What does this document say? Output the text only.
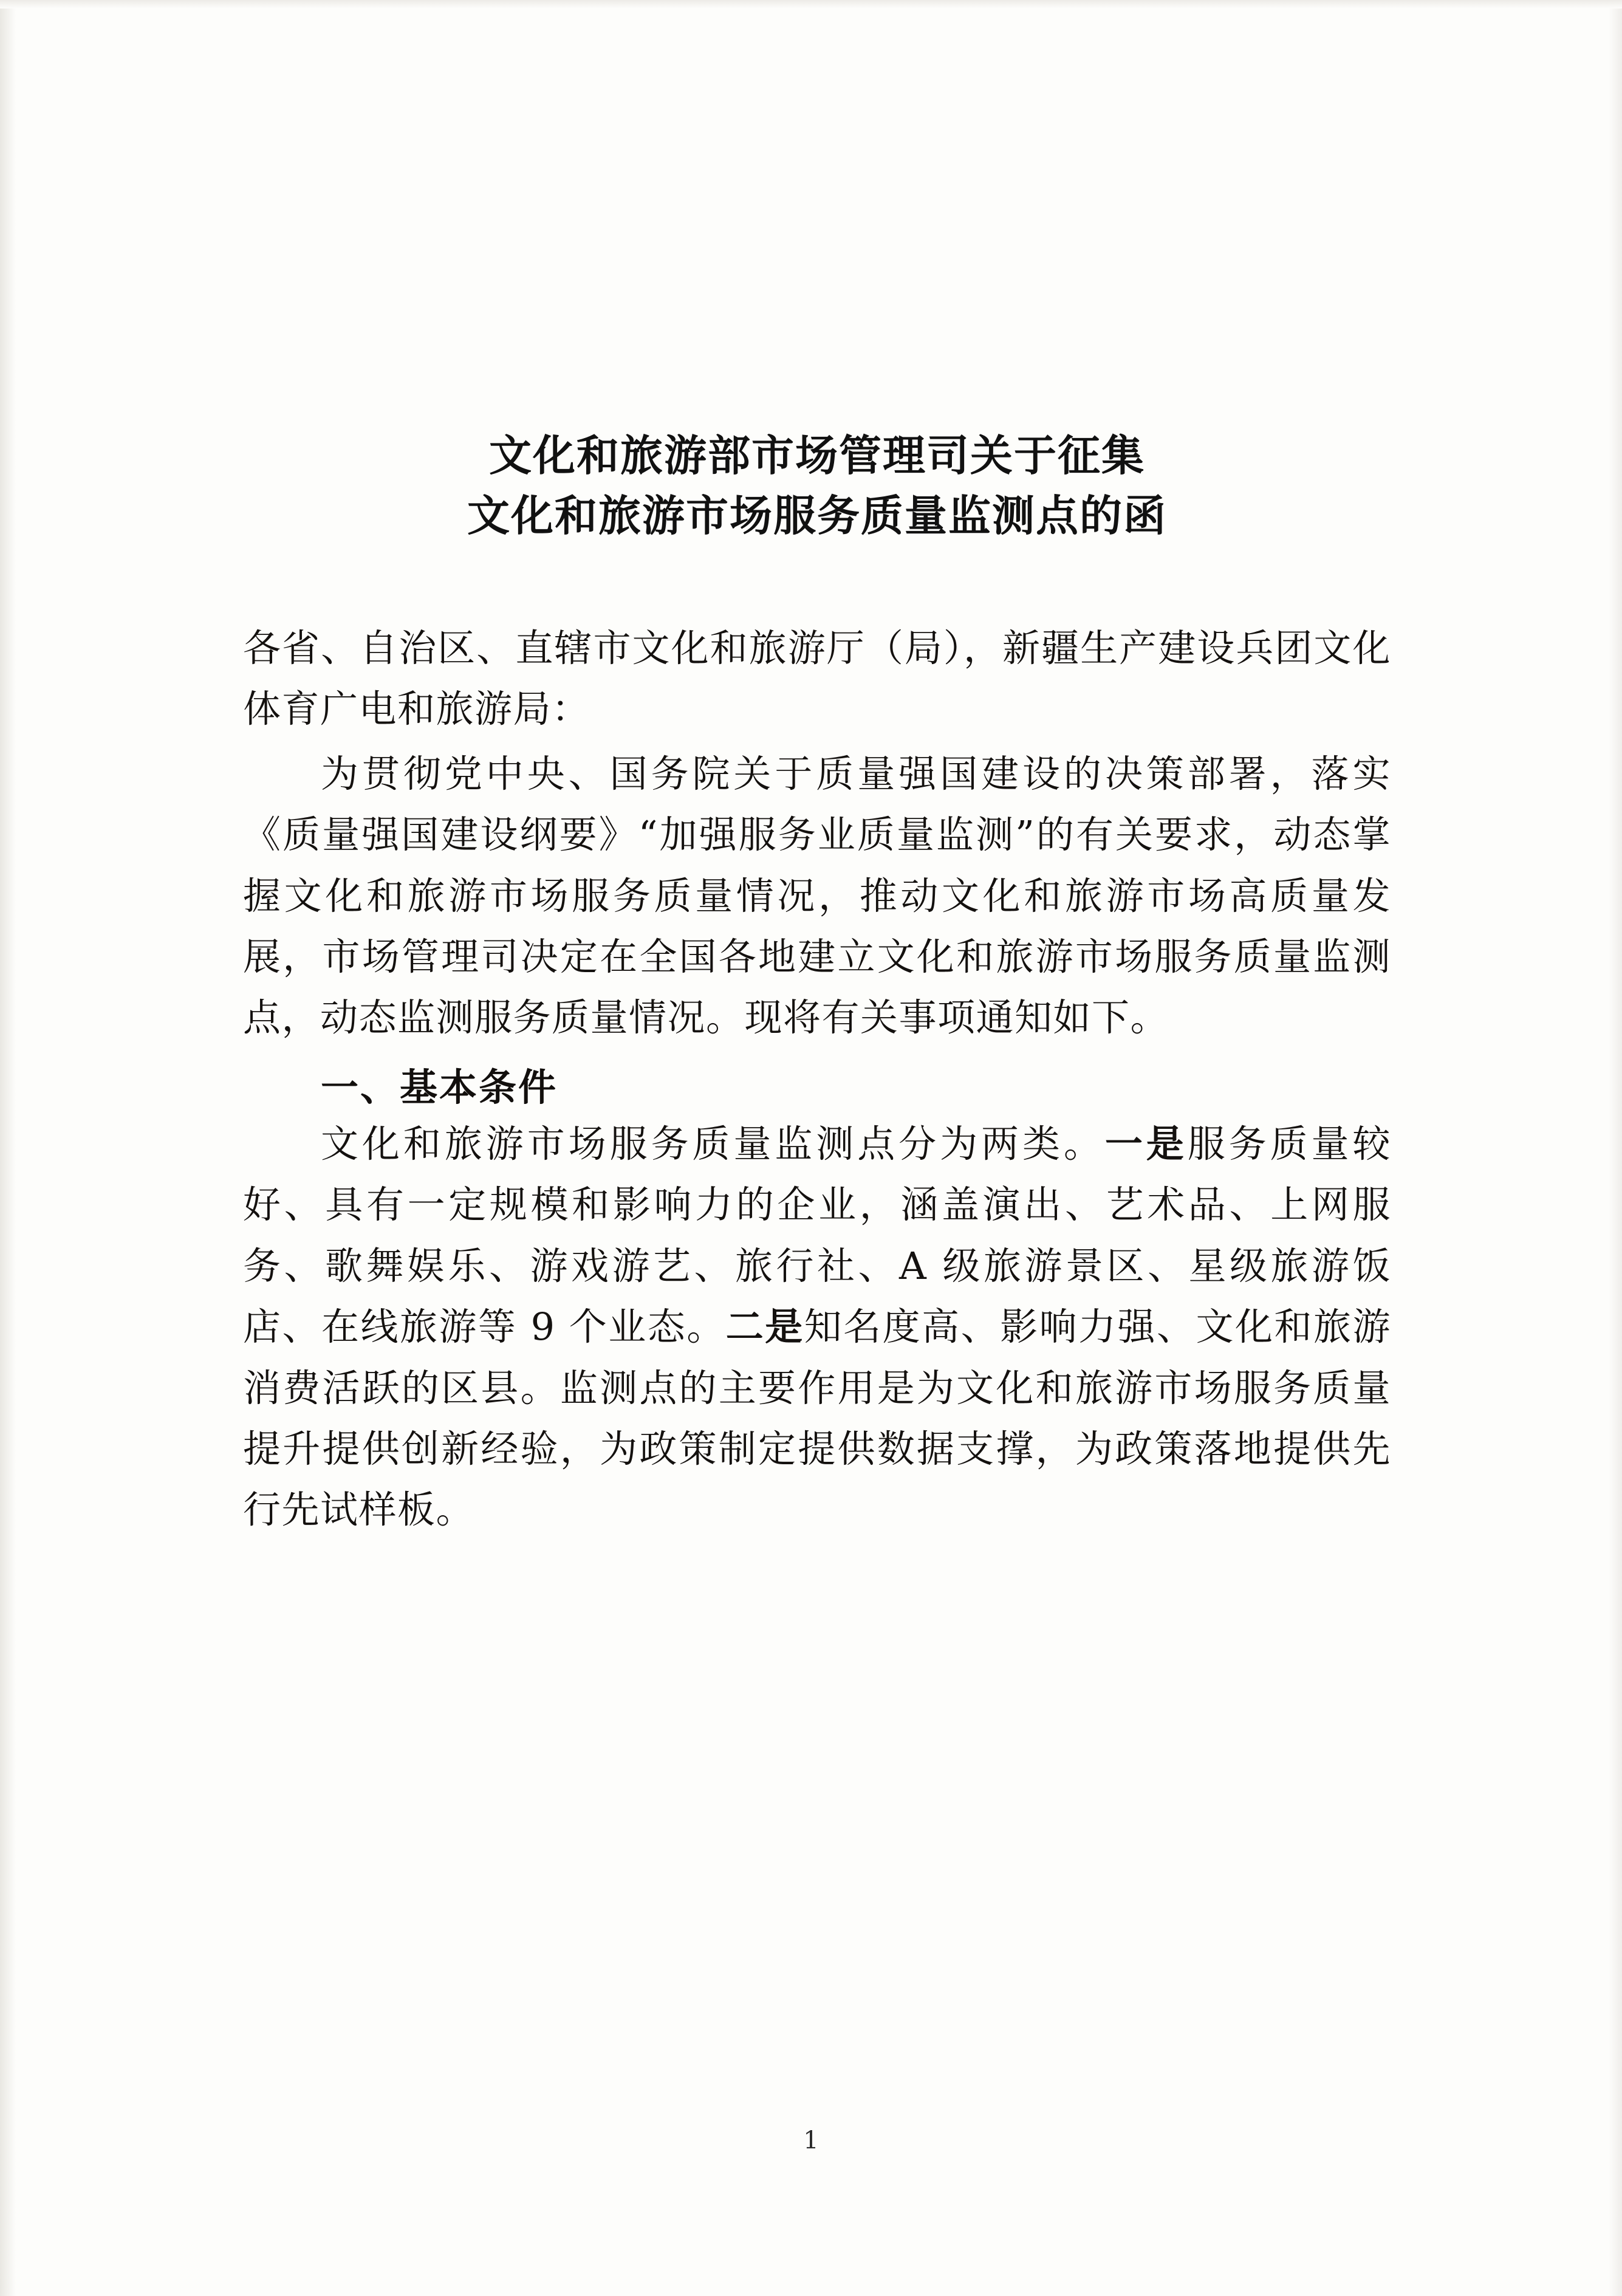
文化和旅游部市场管理司关于征集
文化和旅游市场服务质量监测点的函

各省、自治区、直辖市文化和旅游厅（局），新疆生产建设兵团文化体育广电和旅游局：

为贯彻党中央、国务院关于质量强国建设的决策部署，落实《质量强国建设纲要》“加强服务业质量监测”的有关要求，动态掌握文化和旅游市场服务质量情况，推动文化和旅游市场高质量发展，市场管理司决定在全国各地建立文化和旅游市场服务质量监测点，动态监测服务质量情况。现将有关事项通知如下。

一、基本条件

文化和旅游市场服务质量监测点分为两类。一是服务质量较好、具有一定规模和影响力的企业，涵盖演出、艺术品、上网服务、歌舞娱乐、游戏游艺、旅行社、A 级旅游景区、星级旅游饭店、在线旅游等 9 个业态。二是知名度高、影响力强、文化和旅游消费活跃的区县。监测点的主要作用是为文化和旅游市场服务质量提升提供创新经验，为政策制定提供数据支撑，为政策落地提供先行先试样板。

1
